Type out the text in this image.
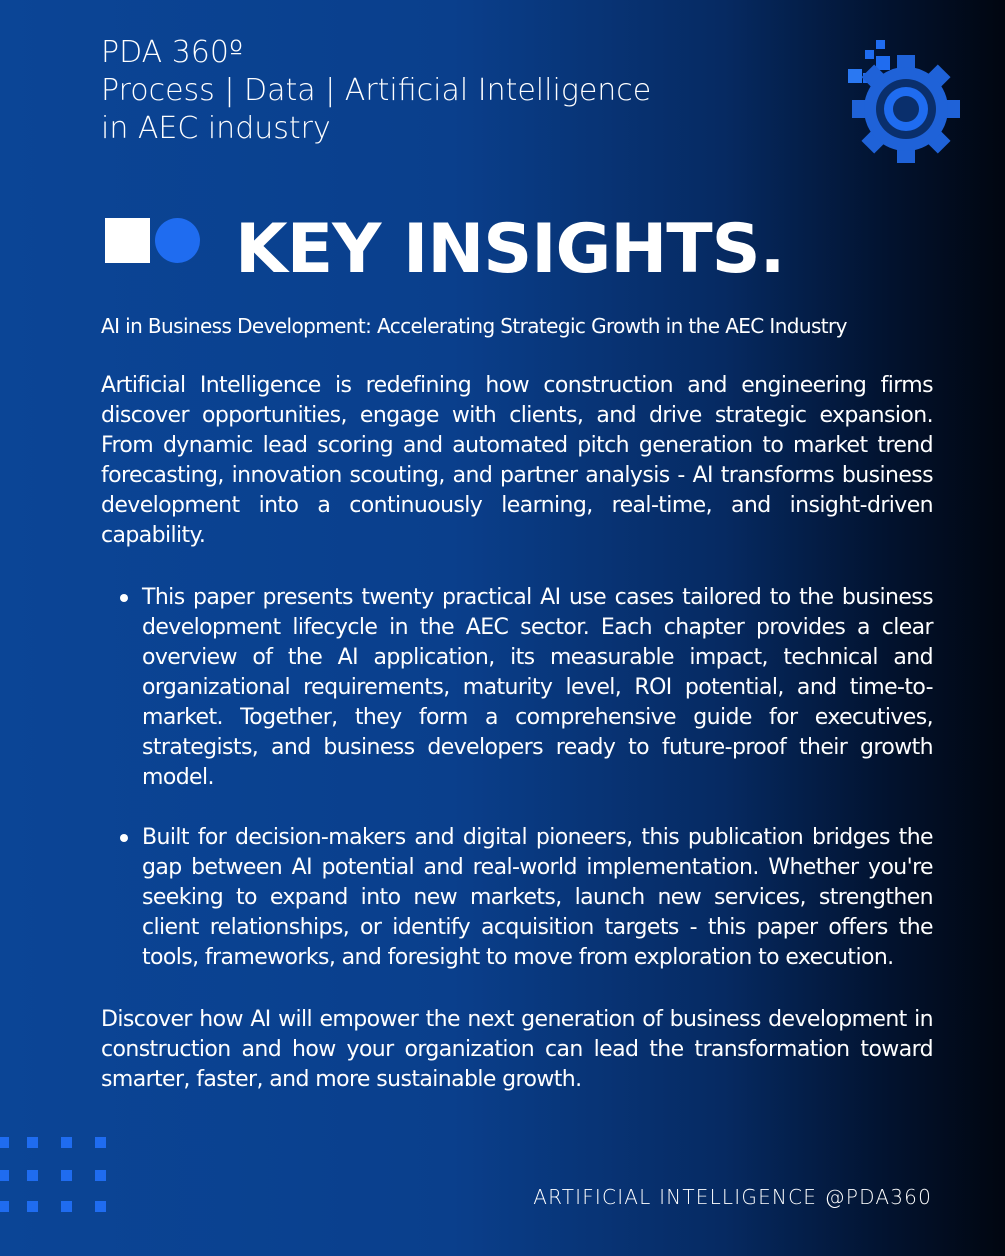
PDA 360º
Process | Data | Artificial Intelligence
in AEC industry
KEY INSIGHTS.
AI in Business Development: Accelerating Strategic Growth in the AEC Industry
Artificial Intelligence is redefining how construction and engineering firms discover opportunities, engage with clients, and drive strategic expansion. From dynamic lead scoring and automated pitch generation to market trend forecasting, innovation scouting, and partner analysis - AI transforms business development into a continuously learning, real-time, and insight-driven capability.
This paper presents twenty practical AI use cases tailored to the business development lifecycle in the AEC sector. Each chapter provides a clear overview of the AI application, its measurable impact, technical and organizational requirements, maturity level, ROI potential, and time-to-market. Together, they form a comprehensive guide for executives, strategists, and business developers ready to future-proof their growth model.
Built for decision-makers and digital pioneers, this publication bridges the gap between AI potential and real-world implementation. Whether you're seeking to expand into new markets, launch new services, strengthen client relationships, or identify acquisition targets - this paper offers the tools, frameworks, and foresight to move from exploration to execution.
Discover how AI will empower the next generation of business development in construction and how your organization can lead the transformation toward smarter, faster, and more sustainable growth.
ARTIFICIAL INTELLIGENCE @PDA360
